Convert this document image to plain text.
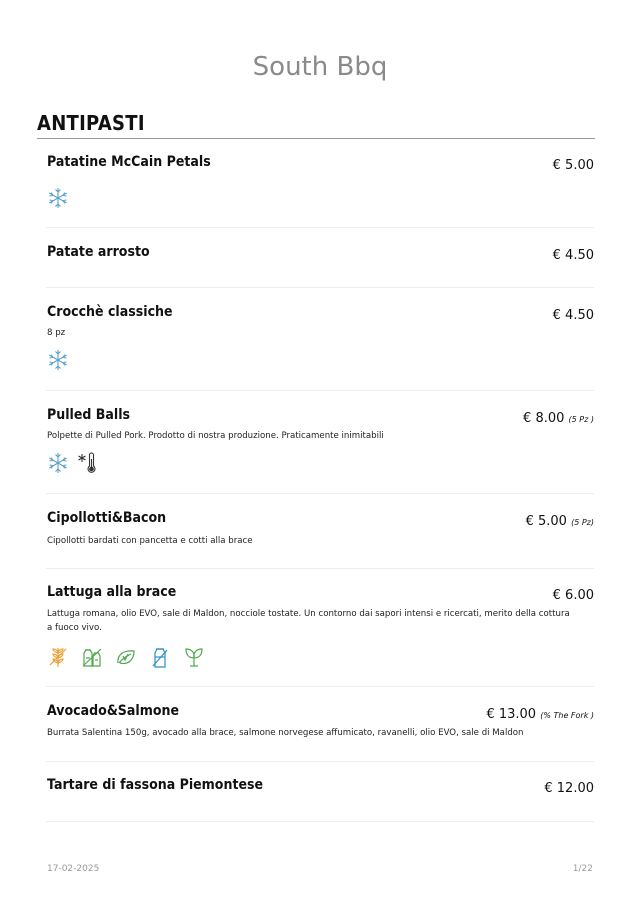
South Bbq
ANTIPASTI
Patatine McCain Petals	€ 5.00
Patate arrosto	€ 4.50
Crocchè classiche	€ 4.50
8 pz
Pulled Balls	€ 8.00 (5 Pz )
Polpette di Pulled Pork. Prodotto di nostra produzione. Praticamente inimitabili
Cipollotti&Bacon	€ 5.00 (5 Pz)
Cipollotti bardati con pancetta e cotti alla brace
Lattuga alla brace	€ 6.00
Lattuga romana, olio EVO, sale di Maldon, nocciole tostate. Un contorno dai sapori intensi e ricercati, merito della cottura a fuoco vivo.
Avocado&Salmone	€ 13.00 (% The Fork )
Burrata Salentina 150g, avocado alla brace, salmone norvegese affumicato, ravanelli, olio EVO, sale di Maldon
Tartare di fassona Piemontese	€ 12.00
17-02-2025	1/22
